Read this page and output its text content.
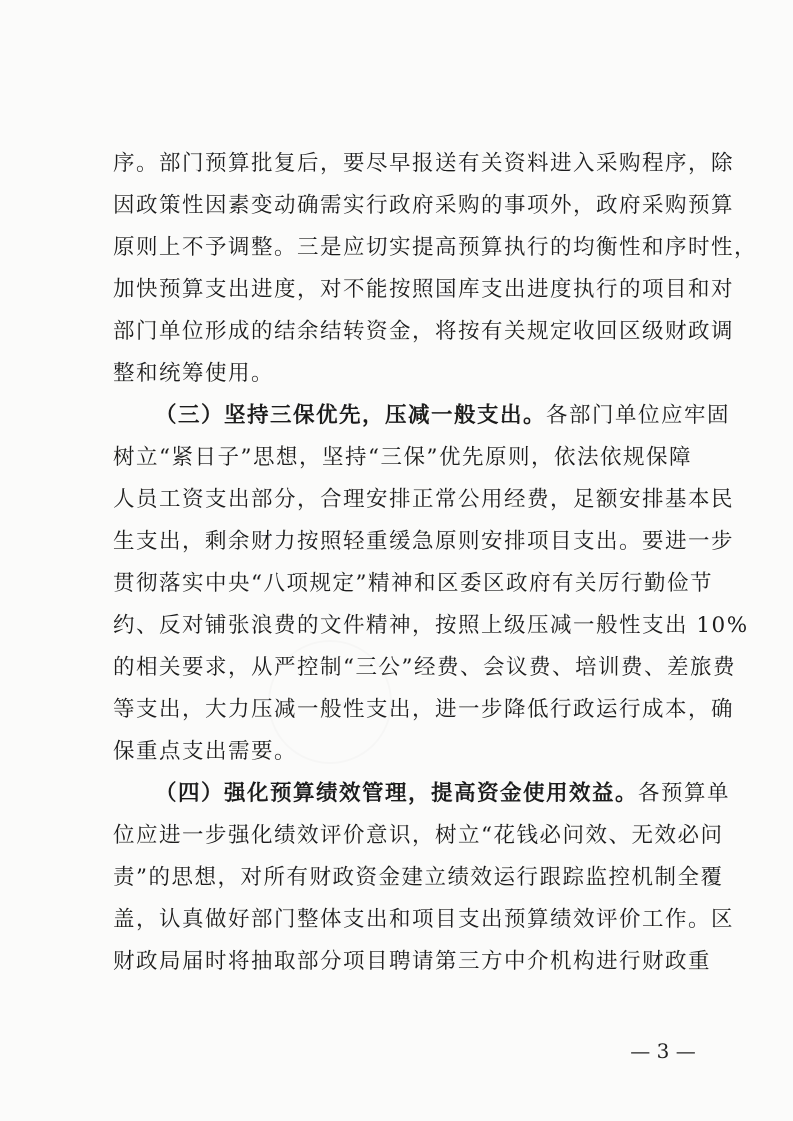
序。部门预算批复后，要尽早报送有关资料进入采购程序，除
因政策性因素变动确需实行政府采购的事项外，政府采购预算
原则上不予调整。三是应切实提高预算执行的均衡性和序时性，
加快预算支出进度，对不能按照国库支出进度执行的项目和对
部门单位形成的结余结转资金，将按有关规定收回区级财政调
整和统筹使用。
（三）坚持三保优先，压减一般支出。各部门单位应牢固
树立“紧日子”思想，坚持“三保”优先原则，依法依规保障
人员工资支出部分，合理安排正常公用经费，足额安排基本民
生支出，剩余财力按照轻重缓急原则安排项目支出。要进一步
贯彻落实中央“八项规定”精神和区委区政府有关厉行勤俭节
约、反对铺张浪费的文件精神，按照上级压减一般性支出 10%
的相关要求，从严控制“三公”经费、会议费、培训费、差旅费
等支出，大力压减一般性支出，进一步降低行政运行成本，确
保重点支出需要。
（四）强化预算绩效管理，提高资金使用效益。各预算单
位应进一步强化绩效评价意识，树立“花钱必问效、无效必问
责”的思想，对所有财政资金建立绩效运行跟踪监控机制全覆
盖，认真做好部门整体支出和项目支出预算绩效评价工作。区
财政局届时将抽取部分项目聘请第三方中介机构进行财政重
— 3 —
